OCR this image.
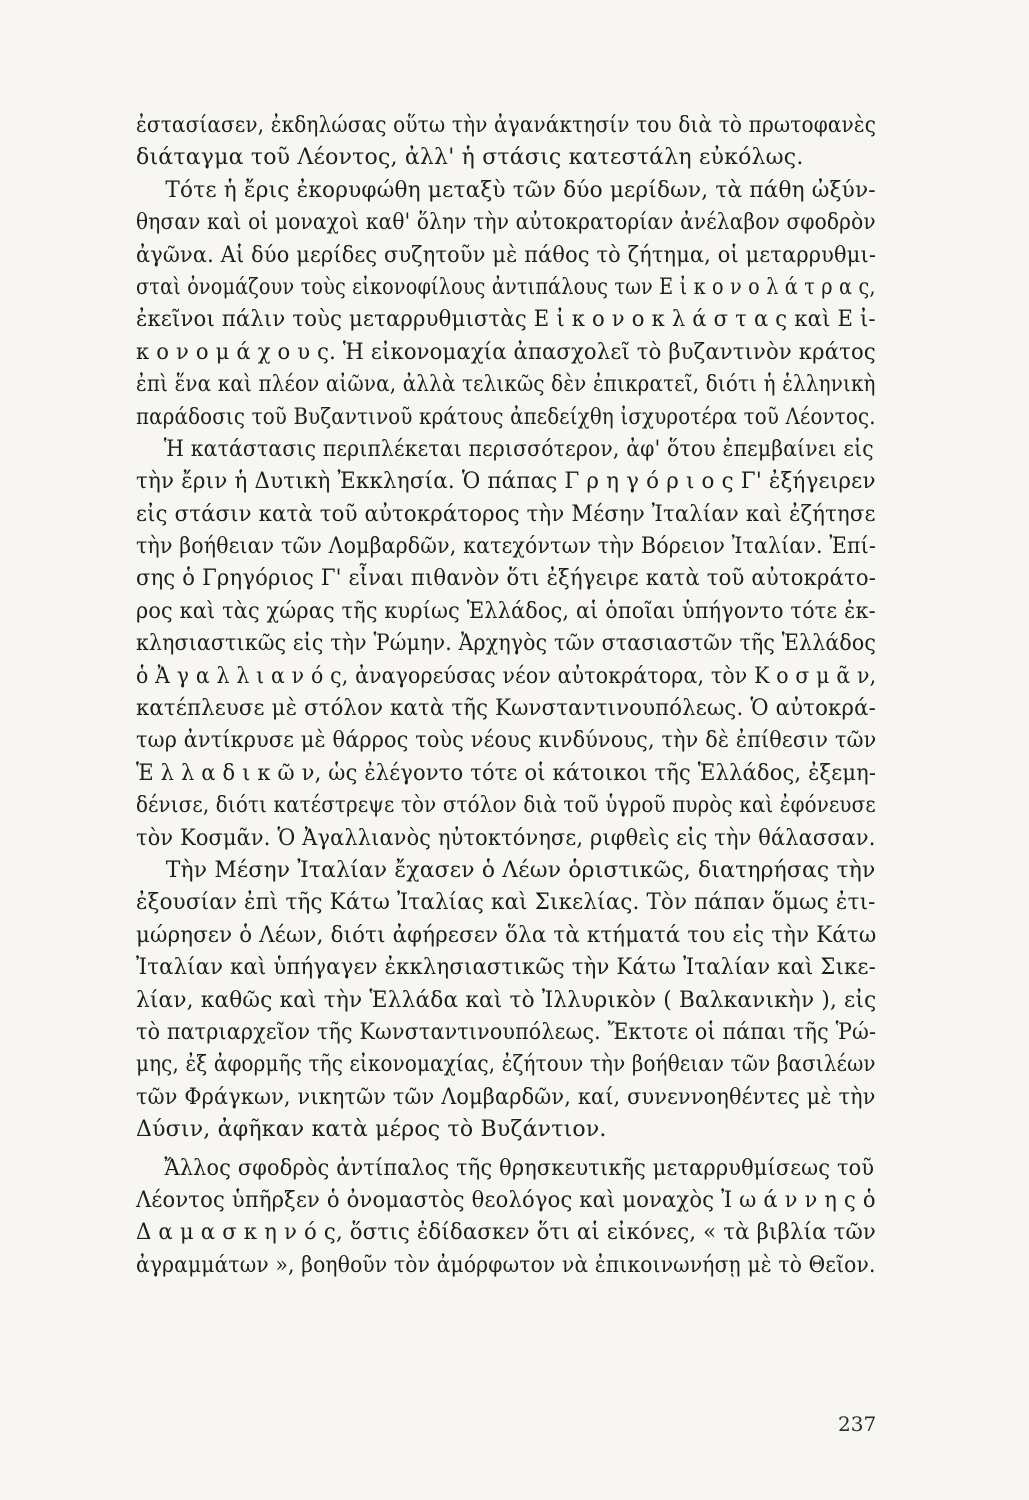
ἐστασίασεν, ἐκδηλώσας οὕτω τὴν ἀγανάκτησίν του διὰ τὸ πρωτοφανὲς
διάταγμα τοῦ Λέοντος, ἀλλ' ἡ στάσις κατεστάλη εὐκόλως.
Τότε ἡ ἔρις ἐκορυφώθη μεταξὺ τῶν δύο μερίδων, τὰ πάθη ὠξύν-
θησαν καὶ οἱ μοναχοὶ καθ' ὅλην τὴν αὐτοκρατορίαν ἀνέλαβον σφοδρὸν
ἀγῶνα. Αἱ δύο μερίδες συζητοῦν μὲ πάθος τὸ ζήτημα, οἱ μεταρρυθμι-
σταὶ ὀνομάζουν τοὺς εἰκονοφίλους ἀντιπάλους των Ε ἰ κ ο ν ο λ ά τ ρ α ς,
ἐκεῖνοι πάλιν τοὺς μεταρρυθμιστὰς Ε ἰ κ ο ν ο κ λ ά σ τ α ς καὶ Ε ἰ-
κ ο ν ο μ ά χ ο υ ς. Ἡ εἰκονομαχία ἀπασχολεῖ τὸ βυζαντινὸν κράτος
ἐπὶ ἕνα καὶ πλέον αἰῶνα, ἀλλὰ τελικῶς δὲν ἐπικρατεῖ, διότι ἡ ἑλληνικὴ
παράδοσις τοῦ Βυζαντινοῦ κράτους ἀπεδείχθη ἰσχυροτέρα τοῦ Λέοντος.
Ἡ κατάστασις περιπλέκεται περισσότερον, ἀφ' ὅτου ἐπεμβαίνει εἰς
τὴν ἔριν ἡ Δυτικὴ Ἐκκλησία. Ὁ πάπας Γ ρ η γ ό ρ ι ο ς Γ' ἐξήγειρεν
εἰς στάσιν κατὰ τοῦ αὐτοκράτορος τὴν Μέσην Ἰταλίαν καὶ ἐζήτησε
τὴν βοήθειαν τῶν Λομβαρδῶν, κατεχόντων τὴν Βόρειον Ἰταλίαν. Ἐπί-
σης ὁ Γρηγόριος Γ' εἶναι πιθανὸν ὅτι ἐξήγειρε κατὰ τοῦ αὐτοκράτο-
ρος καὶ τὰς χώρας τῆς κυρίως Ἑλλάδος, αἱ ὁποῖαι ὑπήγοντο τότε ἐκ-
κλησιαστικῶς εἰς τὴν Ῥώμην. Ἀρχηγὸς τῶν στασιαστῶν τῆς Ἑλλάδος
ὁ Ἀ γ α λ λ ι α ν ό ς, ἀναγορεύσας νέον αὐτοκράτορα, τὸν Κ ο σ μ ᾶ ν,
κατέπλευσε μὲ στόλον κατὰ τῆς Κωνσταντινουπόλεως. Ὁ αὐτοκρά-
τωρ ἀντίκρυσε μὲ θάρρος τοὺς νέους κινδύνους, τὴν δὲ ἐπίθεσιν τῶν
Ἑ λ λ α δ ι κ ῶ ν, ὡς ἐλέγοντο τότε οἱ κάτοικοι τῆς Ἑλλάδος, ἐξεμη-
δένισε, διότι κατέστρεψε τὸν στόλον διὰ τοῦ ὑγροῦ πυρὸς καὶ ἐφόνευσε
τὸν Κοσμᾶν. Ὁ Ἀγαλλιανὸς ηὐτοκτόνησε, ριφθεὶς εἰς τὴν θάλασσαν.
Τὴν Μέσην Ἰταλίαν ἔχασεν ὁ Λέων ὁριστικῶς, διατηρήσας τὴν
ἐξουσίαν ἐπὶ τῆς Κάτω Ἰταλίας καὶ Σικελίας. Τὸν πάπαν ὅμως ἐτι-
μώρησεν ὁ Λέων, διότι ἀφήρεσεν ὅλα τὰ κτήματά του εἰς τὴν Κάτω
Ἰταλίαν καὶ ὑπήγαγεν ἐκκλησιαστικῶς τὴν Κάτω Ἰταλίαν καὶ Σικε-
λίαν, καθῶς καὶ τὴν Ἑλλάδα καὶ τὸ Ἰλλυρικὸν ( Βαλκανικὴν ), εἰς
τὸ πατριαρχεῖον τῆς Κωνσταντινουπόλεως. Ἔκτοτε οἱ πάπαι τῆς Ῥώ-
μης, ἐξ ἀφορμῆς τῆς εἰκονομαχίας, ἐζήτουν τὴν βοήθειαν τῶν βασιλέων
τῶν Φράγκων, νικητῶν τῶν Λομβαρδῶν, καί, συνεννοηθέντες μὲ τὴν
Δύσιν, ἀφῆκαν κατὰ μέρος τὸ Βυζάντιον.
Ἄλλος σφοδρὸς ἀντίπαλος τῆς θρησκευτικῆς μεταρρυθμίσεως τοῦ
Λέοντος ὑπῆρξεν ὁ ὀνομαστὸς θεολόγος καὶ μοναχὸς Ἰ ω ά ν ν η ς ὁ
Δ α μ α σ κ η ν ό ς, ὅστις ἐδίδασκεν ὅτι αἱ εἰκόνες, « τὰ βιβλία τῶν
ἀγραμμάτων », βοηθοῦν τὸν ἀμόρφωτον νὰ ἐπικοινωνήσῃ μὲ τὸ Θεῖον.
237
